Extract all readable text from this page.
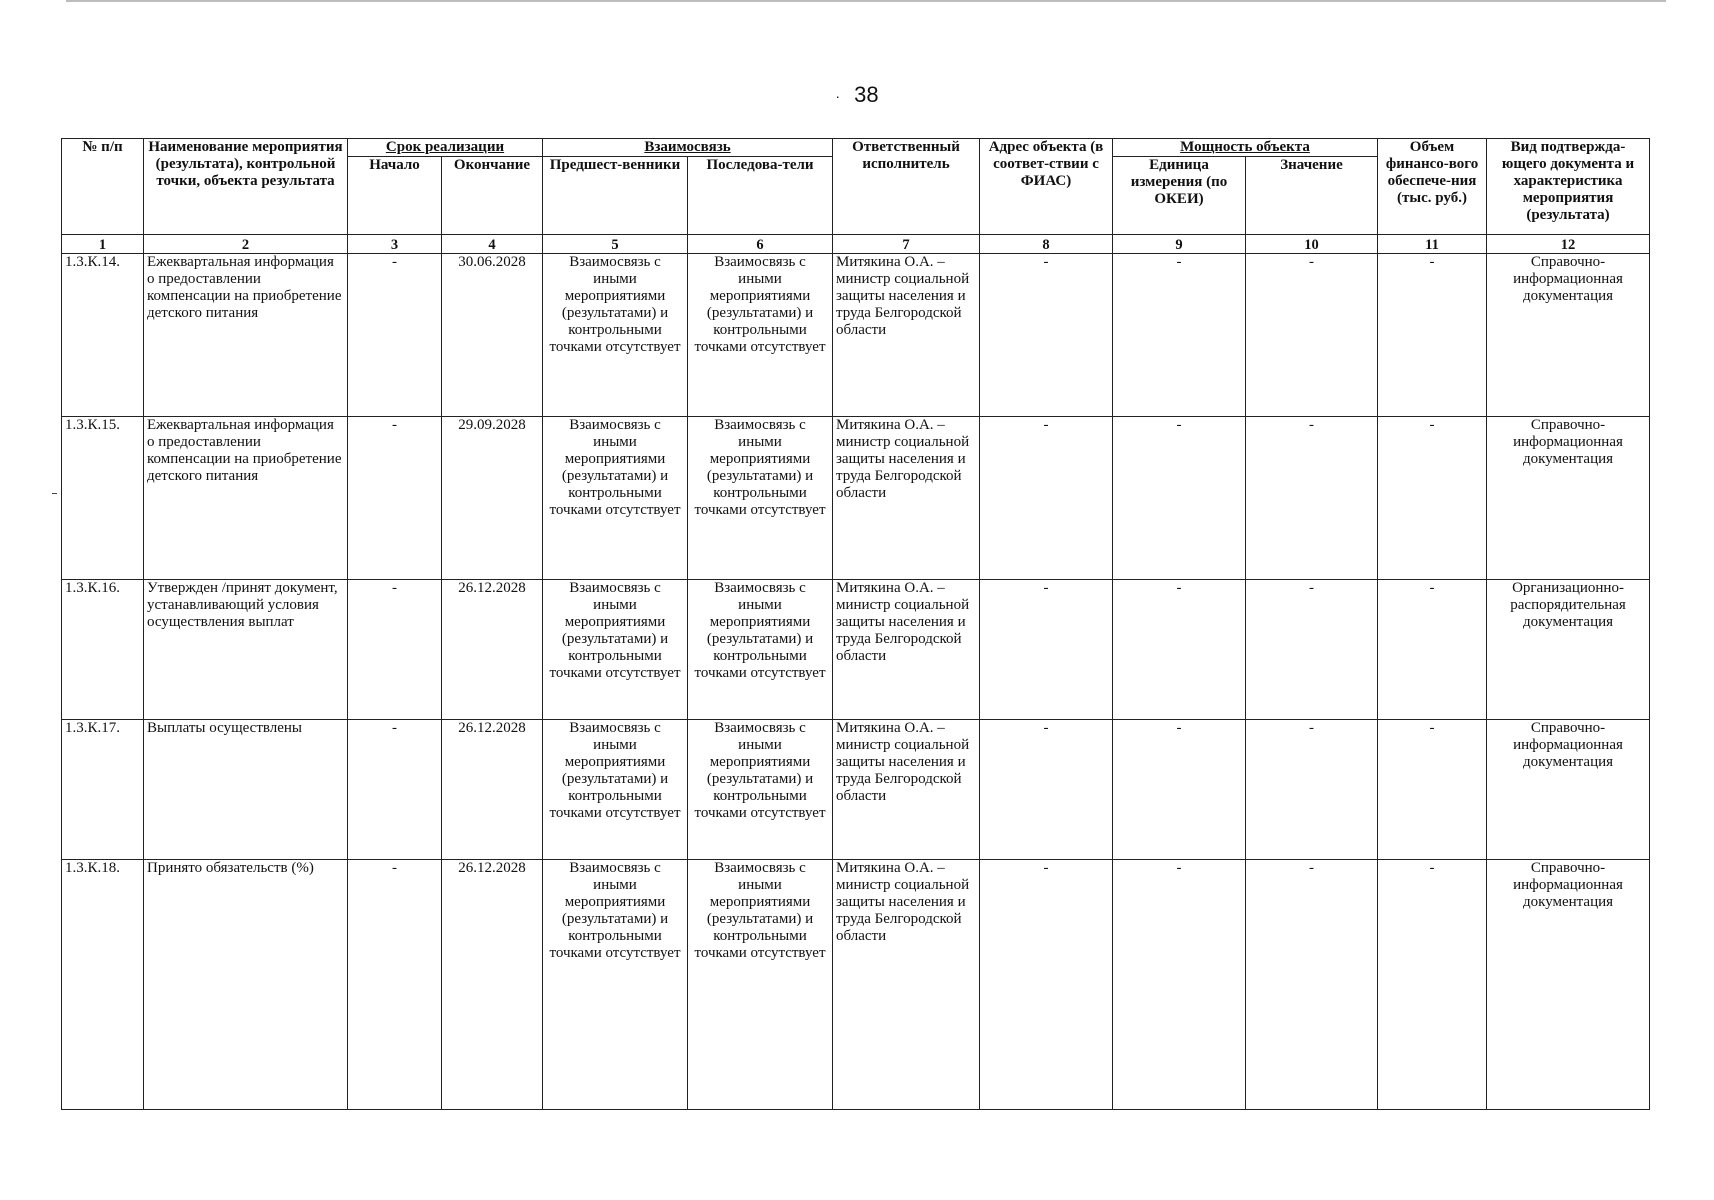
· 38
№ п/п	Наименование мероприятия (результата), контрольной точки, объекта результата	Срок реализации		Взаимосвязь		Ответственный исполнитель	Адрес объекта (в соответ-ствии с ФИАС)	Мощность объекта		Объем финансо-вого обеспече-ния (тыс. руб.)	Вид подтвержда-ющего документа и характеристика мероприятия (результата)
		Начало	Окончание	Предшест-венники	Последова-тели			Единица измерения (по ОКЕИ)	Значение		
1	2	3	4	5	6	7	8	9	10	11	12
1.3.К.14.	Ежеквартальная информация о предоставлении компенсации на приобретение детского питания	-	30.06.2028	Взаимосвязь с иными мероприятиями (результатами) и контрольными точками отсутствует	Взаимосвязь с иными мероприятиями (результатами) и контрольными точками отсутствует	Митякина О.А. – министр социальной защиты населения и труда Белгородской области	-	-	-	-	Справочно-информационная документация
1.3.К.15.	Ежеквартальная информация о предоставлении компенсации на приобретение детского питания	-	29.09.2028	Взаимосвязь с иными мероприятиями (результатами) и контрольными точками отсутствует	Взаимосвязь с иными мероприятиями (результатами) и контрольными точками отсутствует	Митякина О.А. – министр социальной защиты населения и труда Белгородской области	-	-	-	-	Справочно-информационная документация
1.3.К.16.	Утвержден /принят документ, устанавливающий условия осуществления выплат	-	26.12.2028	Взаимосвязь с иными мероприятиями (результатами) и контрольными точками отсутствует	Взаимосвязь с иными мероприятиями (результатами) и контрольными точками отсутствует	Митякина О.А. – министр социальной защиты населения и труда Белгородской области	-	-	-	-	Организационно-распорядительная документация
1.3.К.17.	Выплаты осуществлены	-	26.12.2028	Взаимосвязь с иными мероприятиями (результатами) и контрольными точками отсутствует	Взаимосвязь с иными мероприятиями (результатами) и контрольными точками отсутствует	Митякина О.А. – министр социальной защиты населения и труда Белгородской области	-	-	-	-	Справочно-информационная документация
1.3.К.18.	Принято обязательств (%)	-	26.12.2028	Взаимосвязь с иными мероприятиями (результатами) и контрольными точками отсутствует	Взаимосвязь с иными мероприятиями (результатами) и контрольными точками отсутствует	Митякина О.А. – министр социальной защиты населения и труда Белгородской области	-	-	-	-	Справочно-информационная документация
